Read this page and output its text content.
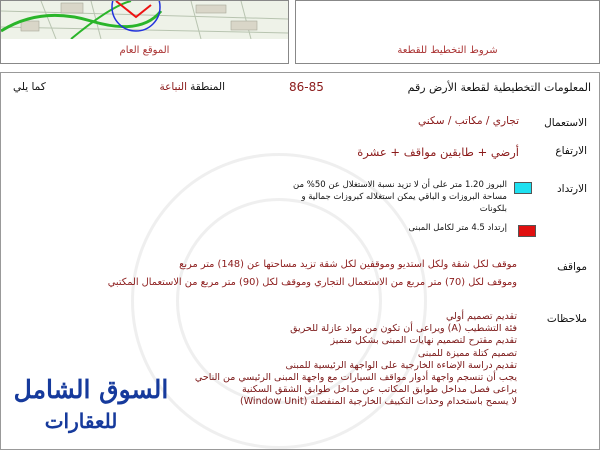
الموقع العام	شروط التخطيط للقطعة
المعلومات التخطيطية لقطعة الأرض رقم
86-85
المنطقة
النباعة
كما يلي
الاستعمال
تجاري / مكاتب / سكني
الارتفاع
أرضي + طابقين مواقف + عشرة
الارتداد
البروز 1.20 متر على أن لا تزيد نسبة الاستغلال عن 50% من مساحة البروزات و الباقي يمكن استغلاله كبروزات جمالية و بلكونات
إرتداد 4.5 متر لكامل المبنى
مواقف
موقف لكل شقة ولكل استديو وموقفين لكل شقة تزيد مساحتها عن (148) متر مربع
وموقف لكل (70) متر مربع من الاستعمال التجاري وموقف لكل (90) متر مربع من الاستعمال المكتبي
ملاحظات
تقديم تصميم أولي
فئة التشطيب (A) ويراعى أن تكون من مواد عازلة للحريق
تقديم مقترح لتصميم نهايات المبنى بشكل متميز
تصميم كتلة مميزة للمبنى
تقديم دراسة الإضاءة الخارجية على الواجهة الرئيسية للمبنى
يجب أن تنسجم واجهة أدوار مواقف السيارات مع واجهة المبنى الرئيسي من الناحي
يراعى فصل مداخل طوابق المكاتب عن مداخل طوابق الشقق السكنية
لا يسمح باستخدام وحدات التكييف الخارجية المنفصلة (Window Unit)
السوق الشامل
للعقارات
